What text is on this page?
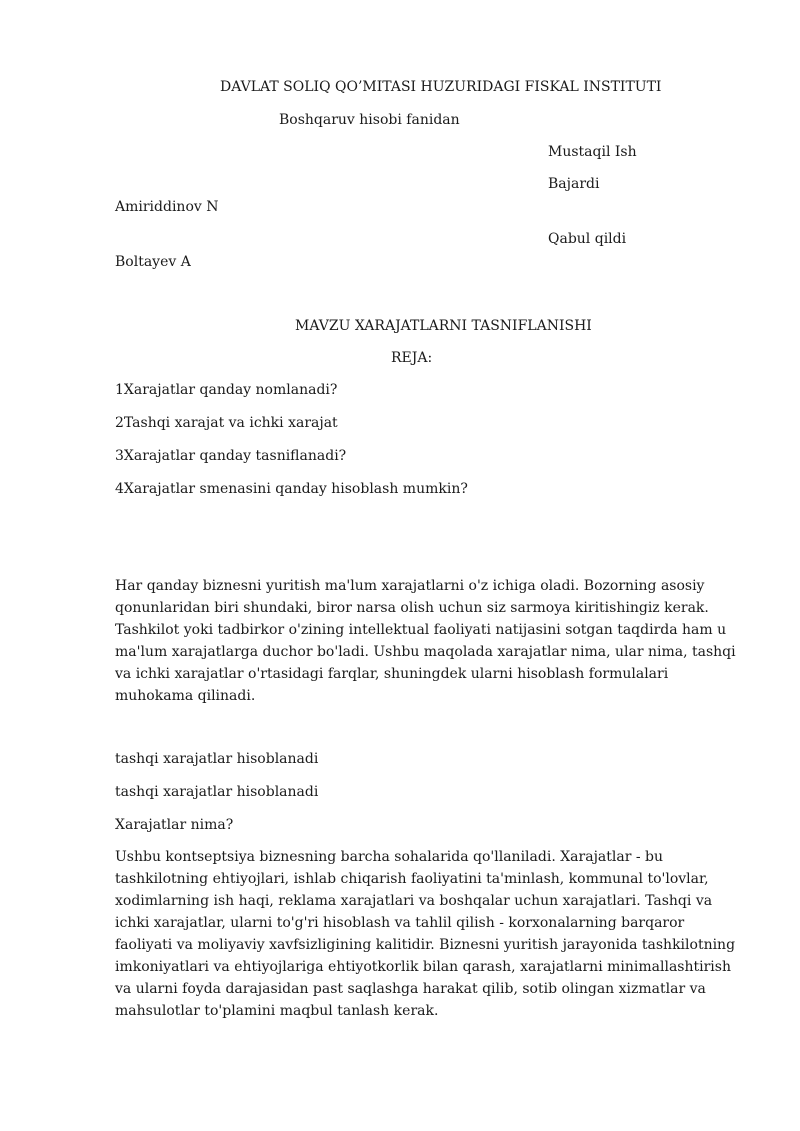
DAVLAT SOLIQ QO’MITASI HUZURIDAGI FISKAL INSTITUTI
Boshqaruv hisobi fanidan
Mustaqil Ish
Bajardi
Amiriddinov N
Qabul qildi
Boltayev A
MAVZU XARAJATLARNI TASNIFLANISHI
REJA:
1Xarajatlar qanday nomlanadi?
2Tashqi xarajat va ichki xarajat
3Xarajatlar qanday tasniflanadi?
4Xarajatlar smenasini qanday hisoblash mumkin?
Har qanday biznesni yuritish ma'lum xarajatlarni o'z ichiga oladi. Bozorning asosiy qonunlaridan biri shundaki, biror narsa olish uchun siz sarmoya kiritishingiz kerak. Tashkilot yoki tadbirkor o'zining intellektual faoliyati natijasini sotgan taqdirda ham u ma'lum xarajatlarga duchor bo'ladi. Ushbu maqolada xarajatlar nima, ular nima, tashqi va ichki xarajatlar o'rtasidagi farqlar, shuningdek ularni hisoblash formulalari muhokama qilinadi.
tashqi xarajatlar hisoblanadi
tashqi xarajatlar hisoblanadi
Xarajatlar nima?
Ushbu kontseptsiya biznesning barcha sohalarida qo'llaniladi. Xarajatlar - bu tashkilotning ehtiyojlari, ishlab chiqarish faoliyatini ta'minlash, kommunal to'lovlar, xodimlarning ish haqi, reklama xarajatlari va boshqalar uchun xarajatlari. Tashqi va ichki xarajatlar, ularni to'g'ri hisoblash va tahlil qilish - korxonalarning barqaror faoliyati va moliyaviy xavfsizligining kalitidir. Biznesni yuritish jarayonida tashkilotning imkoniyatlari va ehtiyojlariga ehtiyotkorlik bilan qarash, xarajatlarni minimallashtirish va ularni foyda darajasidan past saqlashga harakat qilib, sotib olingan xizmatlar va mahsulotlar to'plamini maqbul tanlash kerak.
